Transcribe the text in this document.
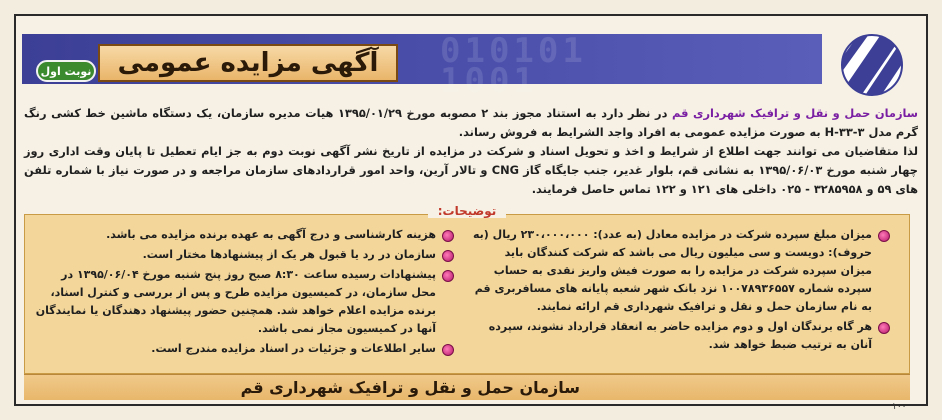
010101
1001
آگهی مزایده عمومی
نوبت اول
سازمان حمل و نقل و ترافیک شهرداری قم در نظر دارد به استناد مجوز بند ۲ مصوبه مورخ ۱۳۹۵/۰۱/۲۹ هیات مدیره سازمان، یک دستگاه ماشین خط کشی رنگ گرم مدل H-۳۳-۳ به صورت مزایده عمومی به افراد واجد الشرایط به فروش رساند.
لذا متقاضیان می توانند جهت اطلاع از شرایط و اخذ و تحویل اسناد و شرکت در مزایده از تاریخ نشر آگهی نوبت دوم به جز ایام تعطیل تا پایان وقت اداری روز چهار شنبه مورخ ۱۳۹۵/۰۶/۰۳ به نشانی قم، بلوار غدیر، جنب جایگاه گاز CNG و تالار آرین، واحد امور قراردادهای سازمان مراجعه و در صورت نیاز با شماره تلفن های ۵۹ و ۳۲۸۵۹۵۸ - ۰۲۵ داخلی های ۱۲۱ و ۱۲۲ تماس حاصل فرمایند.
توضیحات:
میزان مبلغ سپرده شرکت در مزایده معادل (به عدد): ۲۳۰،۰۰۰،۰۰۰ ریال (به حروف): دویست و سی میلیون ریال می باشد که شرکت کنندگان باید میزان سپرده شرکت در مزایده را به صورت فیش واریز نقدی به حساب سپرده شماره ۱۰۰۷۸۹۳۶۵۵۷ نزد بانک شهر شعبه پایانه های مسافربری قم به نام سازمان حمل و نقل و ترافیک شهرداری قم ارائه نمایند.
هر گاه برندگان اول و دوم مزایده حاضر به انعقاد قرارداد نشوند، سپرده آنان به ترتیب ضبط خواهد شد.
هزینه کارشناسی و درج آگهی به عهده برنده مزایده می باشد.
سازمان در رد یا قبول هر یک از پیشنهادها مختار است.
پیشنهادات رسیده ساعت ۸:۳۰ صبح روز پنج شنبه مورخ ۱۳۹۵/۰۶/۰۴ در محل سازمان، در کمیسیون مزایده طرح و پس از بررسی و کنترل اسناد، برنده مزایده اعلام خواهد شد. همچنین حضور پیشنهاد دهندگان یا نمایندگان آنها در کمیسیون مجاز نمی باشد.
سایر اطلاعات و جزئیات در اسناد مزایده مندرج است.
سازمان حمل و نقل و ترافیک شهرداری قم
۱۰۰
